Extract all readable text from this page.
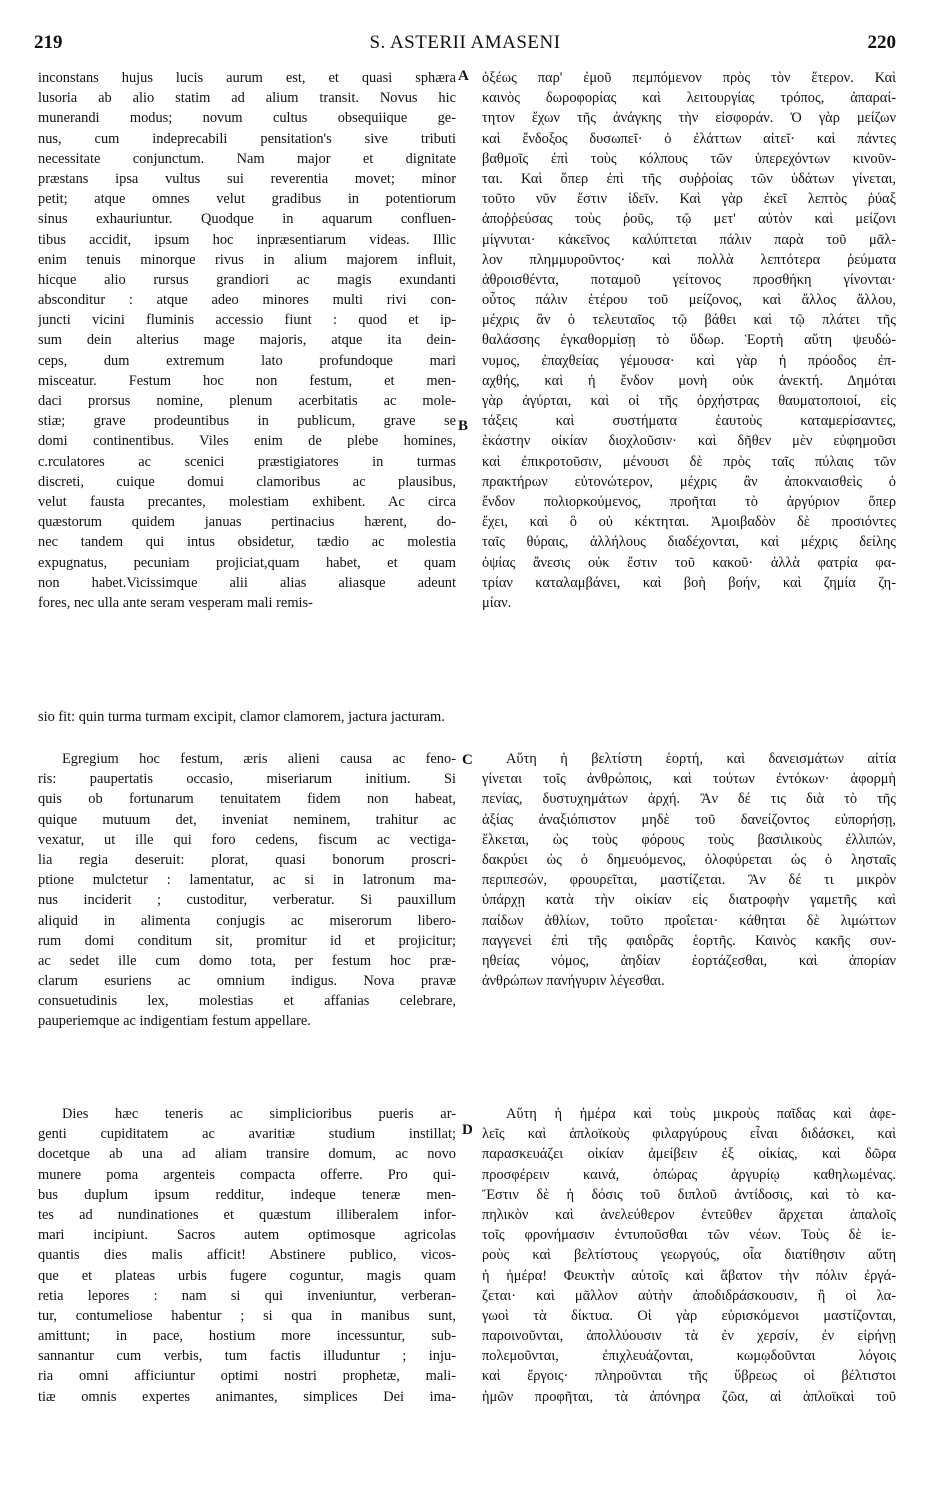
219	S. ASTERII AMASENI	220
A
B
C
D
inconstans hujus lucis aurum est, et quasi sphæra
lusoria ab alio statim ad alium transit. Novus hic
munerandi modus; novum cultus obsequiique ge-
nus, cum indeprecabili pensitation's sive tributi
necessitate conjunctum. Nam major et dignitate
præstans ipsa vultus sui reverentia movet; minor
petit; atque omnes velut gradibus in potentiorum
sinus exhauriuntur. Quodque in aquarum confluen-
tibus accidit, ipsum hoc inpræsentiarum videas. Illic
enim tenuis minorque rivus in alium majorem influit,
hicque alio rursus grandiori ac magis exundanti
absconditur : atque adeo minores multi rivi con-
juncti vicini fluminis accessio fiunt : quod et ip-
sum dein alterius mage majoris, atque ita dein-
ceps, dum extremum lato profundoque mari
misceatur. Festum hoc non festum, et men-
daci prorsus nomine, plenum acerbitatis ac mole-
stiæ; grave prodeuntibus in publicum, grave se
domi continentibus. Viles enim de plebe homines,
c.rculatores ac scenici præstigiatores in turmas
discreti, cuique domui clamoribus ac plausibus,
velut fausta precantes, molestiam exhibent. Ac circa
quæstorum quidem januas pertinacius hærent, do-
nec tandem qui intus obsidetur, tædio ac molestia
expugnatus, pecuniam projiciat,quam habet, et quam
non habet.Vicissimque alii alias aliasque adeunt
fores, nec ulla ante seram vesperam mali remis-
ὀξέως παρ' ἐμοῦ πεμπόμενον πρὸς τὸν ἕτερον. Καὶ
καινὸς δωροφορίας καὶ λειτουργίας τρόπος, ἀπαραί-
τητον ἔχων τῆς ἀνάγκης τὴν εἰσφοράν. Ὁ γὰρ μείζων
καὶ ἔνδοξος δυσωπεῖ· ὁ ἐλάττων αἰτεῖ· καὶ πάντες
βαθμοῖς ἐπὶ τοὺς κόλπους τῶν ὑπερεχόντων κινοῦν-
ται. Καὶ ὅπερ ἐπὶ τῆς συῤῥοίας τῶν ὑδάτων γίνεται,
τοῦτο νῦν ἔστιν ἰδεῖν. Καὶ γὰρ ἐκεῖ λεπτὸς ῥύαξ
ἀποῤῥεύσας τοὺς ῥοῦς, τῷ μετ' αὐτὸν καὶ μείζονι
μίγνυται· κἀκεῖνος καλύπτεται πάλιν παρὰ τοῦ μᾶλ-
λον πλημμυροῦντος· καὶ πολλὰ λεπτότερα ῥεύματα
ἀθροισθέντα, ποταμοῦ γείτονος προσθήκη γίνονται·
οὗτος πάλιν ἑτέρου τοῦ μείζονος, καὶ ἄλλος ἄλλου,
μέχρις ἂν ὁ τελευταῖος τῷ βάθει καὶ τῷ πλάτει τῆς
θαλάσσης ἐγκαθορμίσῃ τὸ ὕδωρ. Ἑορτὴ αὕτη ψευδώ-
νυμος, ἐπαχθείας γέμουσα· καὶ γὰρ ἡ πρόοδος ἐπ-
αχθής, καὶ ἡ ἔνδον μονὴ οὐκ ἀνεκτή. Δημόται
γὰρ ἀγύρται, καὶ οἱ τῆς ὀρχήστρας θαυματοποιοί, εἰς
τάξεις καὶ συστήματα ἑαυτοὺς καταμερίσαντες,
ἑκάστην οἰκίαν διοχλοῦσιν· καὶ δῆθεν μὲν εὐφημοῦσι
καὶ ἐπικροτοῦσιν, μένουσι δὲ πρὸς ταῖς πύλαις τῶν
πρακτήρων εὐτονώτερον, μέχρις ἂν ἀποκναισθεὶς ὁ
ἔνδον πολιορκούμενος, προῆται τὸ ἀργύριον ὅπερ
ἔχει, καὶ ὃ οὐ κέκτηται. Ἀμοιβαδὸν δὲ προσιόντες
ταῖς θύραις, ἀλλήλους διαδέχονται, καὶ μέχρις δείλης
ὀψίας ἄνεσις οὐκ ἔστιν τοῦ κακοῦ· ἀλλὰ φατρία φα-
τρίαν καταλαμβάνει, καὶ βοὴ βοήν, καὶ ζημία ζη-
μίαν.
sio fit: quin turma turmam excipit, clamor clamorem, jactura jacturam.
Egregium hoc festum, æris alieni causa ac feno-
ris: paupertatis occasio, miseriarum initium. Si
quis ob fortunarum tenuitatem fidem non habeat,
quique mutuum det, inveniat neminem, trahitur ac
vexatur, ut ille qui foro cedens, fiscum ac vectiga-
lia regia deseruit: plorat, quasi bonorum proscri-
ptione mulctetur : lamentatur, ac si in latronum ma-
nus inciderit ; custoditur, verberatur. Si pauxillum
aliquid in alimenta conjugis ac miserorum libero-
rum domi conditum sit, promitur id et projicitur;
ac sedet ille cum domo tota, per festum hoc præ-
clarum esuriens ac omnium indigus. Nova pravæ
consuetudinis lex, molestias et affanias celebrare,
pauperiemque ac indigentiam festum appellare.
Αὕτη ἡ βελτίστη ἑορτή, καὶ δανεισμάτων αἰτία
γίνεται τοῖς ἀνθρώποις, καὶ τούτων ἐντόκων· ἀφορμὴ
πενίας, δυστυχημάτων ἀρχή. Ἂν δέ τις διὰ τὸ τῆς
ἀξίας ἀναξιόπιστον μηδὲ τοῦ δανείζοντος εὐπορήσῃ,
ἕλκεται, ὡς τοὺς φόρους τοὺς βασιλικοὺς ἐλλιπών,
δακρύει ὡς ὁ δημευόμενος, ὀλοφύρεται ὡς ὁ λησταῖς
περιπεσών, φρουρεῖται, μαστίζεται. Ἂν δέ τι μικρὸν
ὑπάρχῃ κατὰ τὴν οἰκίαν εἰς διατροφὴν γαμετῆς καὶ
παίδων ἀθλίων, τοῦτο προΐεται· κάθηται δὲ λιμώττων
παγγενεὶ ἐπὶ τῆς φαιδρᾶς ἑορτῆς. Καινὸς κακῆς συν-
ηθείας νόμος, ἀηδίαν ἑορτάζεσθαι, καὶ ἀπορίαν
ἀνθρώπων πανήγυριν λέγεσθαι.
Dies hæc teneris ac simplicioribus pueris ar-
genti cupiditatem ac avaritiæ studium instillat;
docetque ab una ad aliam transire domum, ac novo
munere poma argenteis compacta offerre. Pro qui-
bus duplum ipsum redditur, indeque teneræ men-
tes ad nundinationes et quæstum illiberalem infor-
mari incipiunt. Sacros autem optimosque agricolas
quantis dies malis afficit! Abstinere publico, vicos-
que et plateas urbis fugere coguntur, magis quam
retia lepores : nam si qui inveniuntur, verberan-
tur, contumeliose habentur ; si qua in manibus sunt,
amittunt; in pace, hostium more incessuntur, sub-
sannantur cum verbis, tum factis illuduntur ; inju-
ria omni afficiuntur optimi nostri prophetæ, mali-
tiæ omnis expertes animantes, simplices Dei ima-
Αὕτη ἡ ἡμέρα καὶ τοὺς μικροὺς παῖδας καὶ ἀφε-
λεῖς καὶ ἁπλοϊκοὺς φιλαργύρους εἶναι διδάσκει, καὶ
παρασκευάζει οἰκίαν ἀμείβειν ἐξ οἰκίας, καὶ δῶρα
προσφέρειν καινά, ὀπώρας ἀργυρίῳ καθηλωμένας.
Ἔστιν δὲ ἡ δόσις τοῦ διπλοῦ ἀντίδοσις, καὶ τὸ κα-
πηλικὸν καὶ ἀνελεύθερον ἐντεῦθεν ἄρχεται ἁπαλοῖς
τοῖς φρονήμασιν ἐντυποῦσθαι τῶν νέων. Τοὺς δὲ ἱε-
ροὺς καὶ βελτίστους γεωργούς, οἷα διατίθησιν αὕτη
ἡ ἡμέρα! Φευκτὴν αὐτοῖς καὶ ἄβατον τὴν πόλιν ἐργά-
ζεται· καὶ μᾶλλον αὐτὴν ἀποδιδράσκουσιν, ἢ οἱ λα-
γωοὶ τὰ δίκτυα. Οἱ γὰρ εὑρισκόμενοι μαστίζονται,
παροινοῦνται, ἀπολλύουσιν τὰ ἐν χερσίν, ἐν εἰρήνῃ
πολεμοῦνται, ἐπιχλευάζονται, κωμῳδοῦνται λόγοις
καὶ ἔργοις· πληροῦνται τῆς ὕβρεως οἱ βέλτιστοι
ἡμῶν προφῆται, τὰ ἀπόνηρα ζῶα, αἱ ἁπλοϊκαὶ τοῦ
